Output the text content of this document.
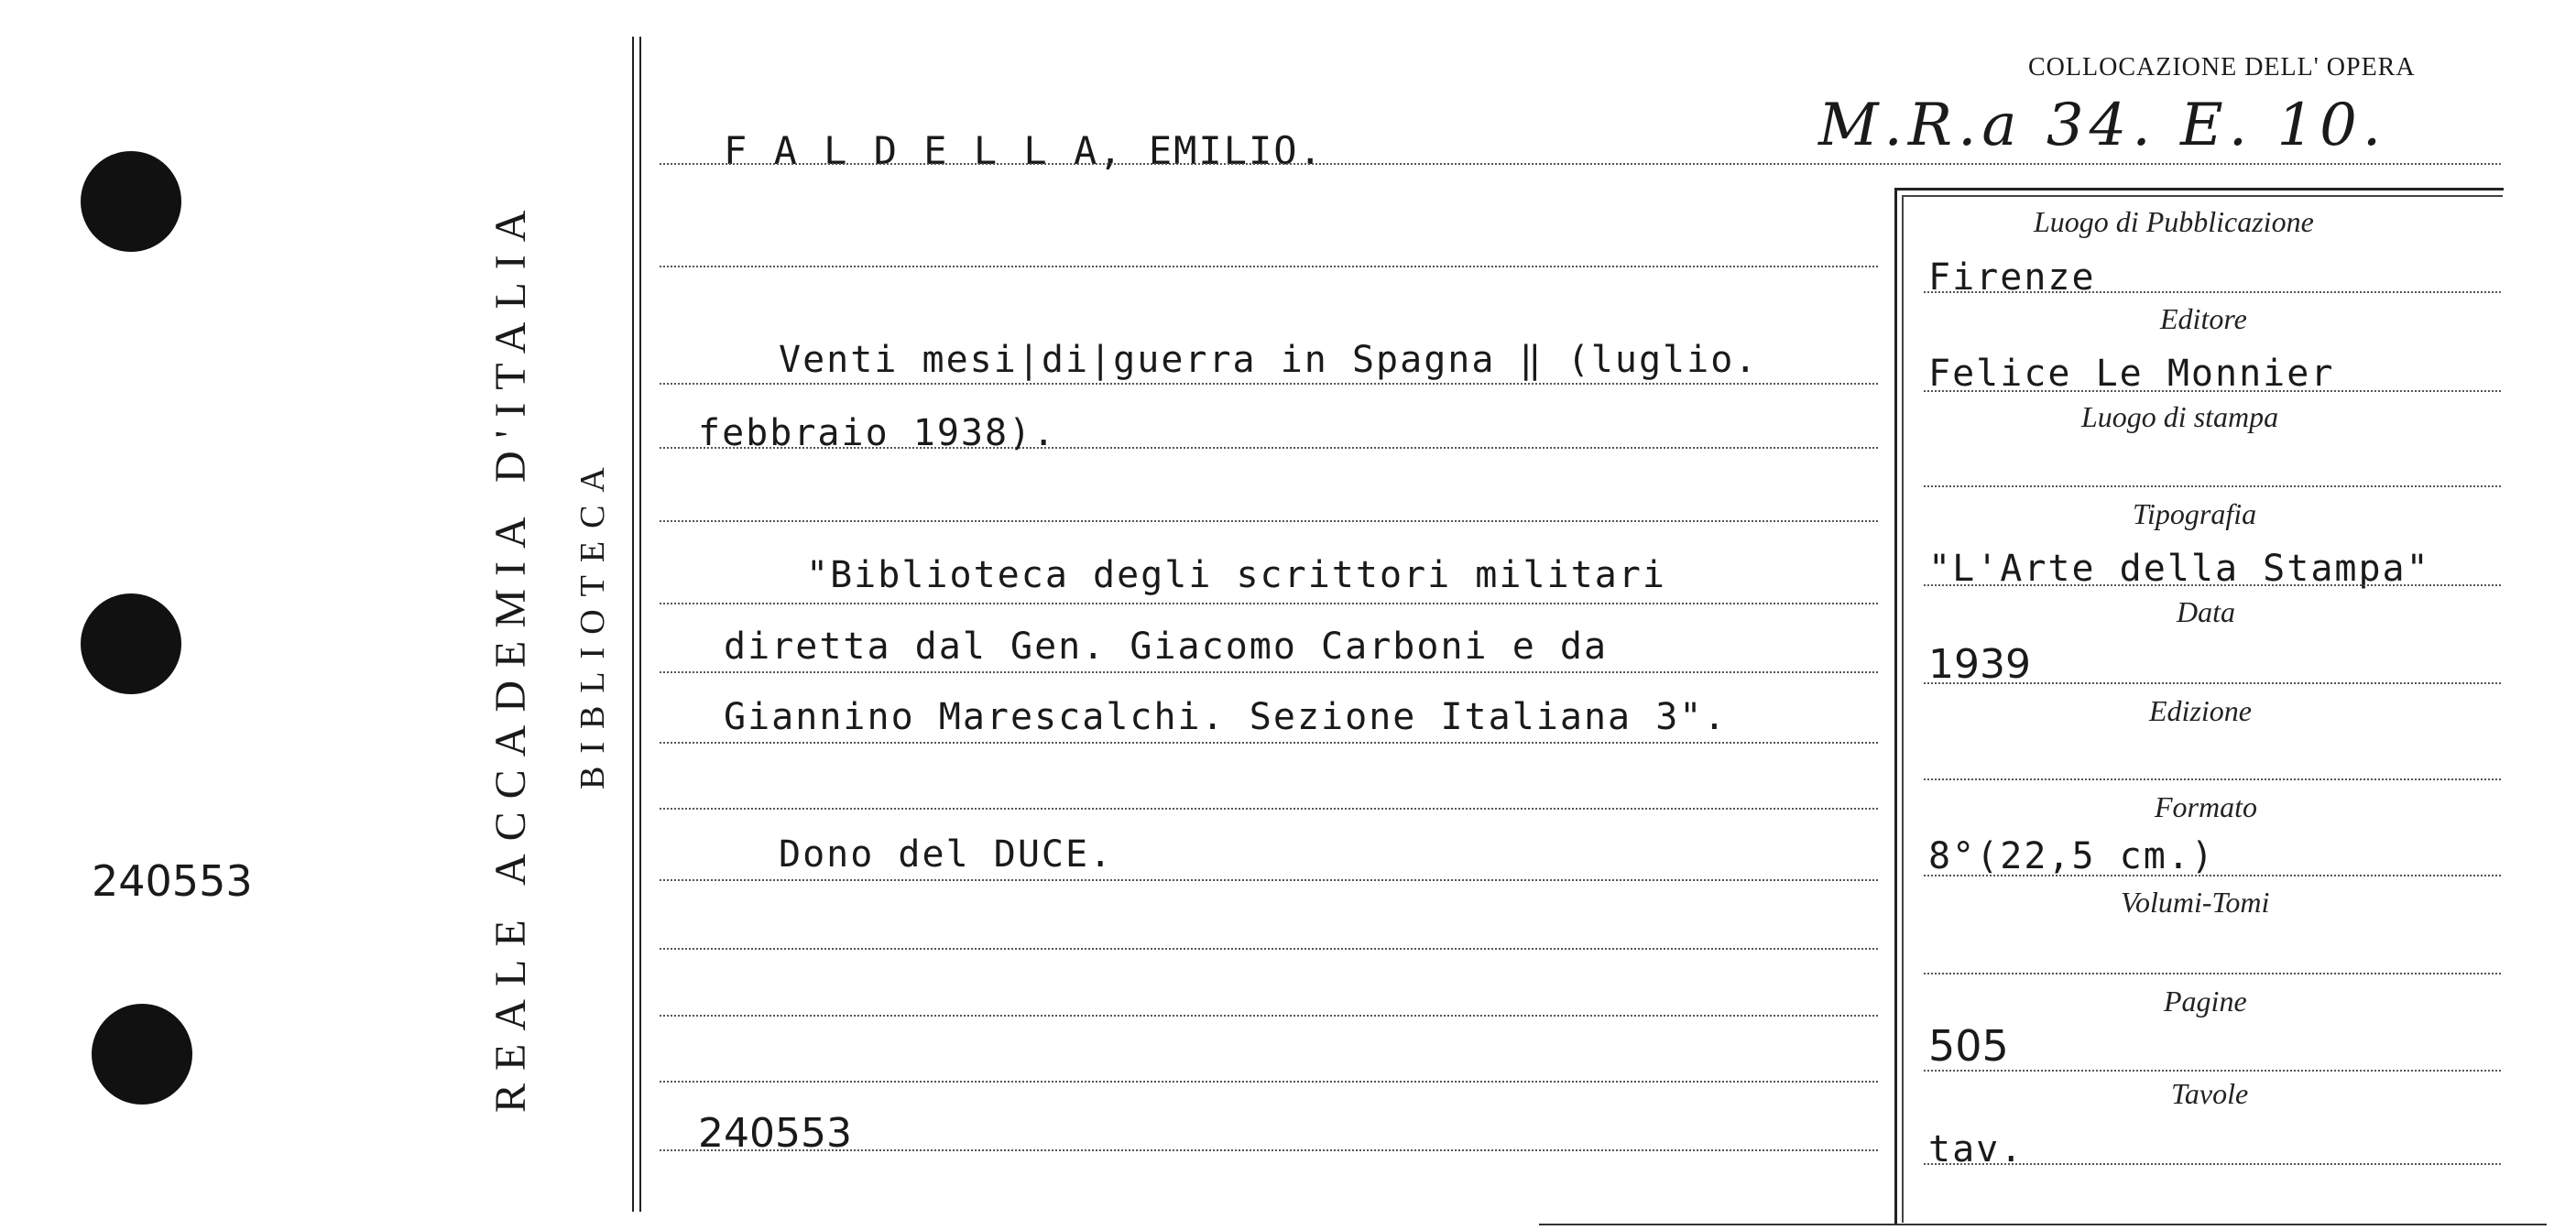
240553	REALE ACCADEMIA D'ITALIA BIBLIOTECA
COLLOCAZIONE DELL' OPERA
M.R.a 34. E. 10.
F A L D E L L A, EMILIO.
Venti mesi|di|guerra in Spagna ‖ (luglio.
febbraio 1938).
"Biblioteca degli scrittori militari
diretta dal Gen. Giacomo Carboni e da
Giannino Marescalchi. Sezione Italiana 3".
Dono del DUCE.
240553
Luogo di Pubblicazione
Firenze
Editore
Felice Le Monnier
Luogo di stampa
Tipografia
"L'Arte della Stampa"
Data
1939
Edizione
Formato
8°(22,5 cm.)
Volumi-Tomi
Pagine
505
Tavole
tav.
